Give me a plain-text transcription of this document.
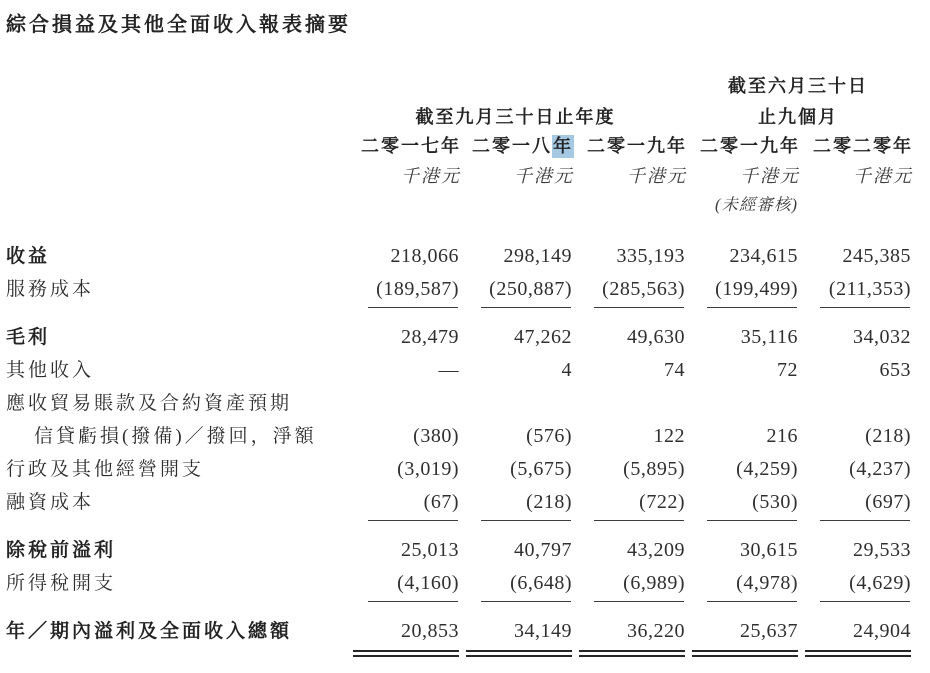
綜合損益及其他全面收入報表摘要
截至六月三十日
截至九月三十日止年度	止九個月
二零一七年 二零一八年 二零一九年 二零一九年 二零二零年
千港元	千港元	千港元	千港元	千港元
(未經審核)
收益	218,066	298,149	335,193	234,615	245,385
服務成本	(189,587)	(250,887)	(285,563)	(199,499)	(211,353)
毛利	28,479	47,262	49,630	35,116	34,032
其他收入	—	4	74	72	653
應收貿易賬款及合約資產預期
信貸虧損(撥備)／撥回，淨額	(380)	(576)	122	216	(218)
行政及其他經營開支	(3,019)	(5,675)	(5,895)	(4,259)	(4,237)
融資成本	(67)	(218)	(722)	(530)	(697)
除稅前溢利	25,013	40,797	43,209	30,615	29,533
所得稅開支	(4,160)	(6,648)	(6,989)	(4,978)	(4,629)
年／期內溢利及全面收入總額	20,853	34,149	36,220	25,637	24,904
